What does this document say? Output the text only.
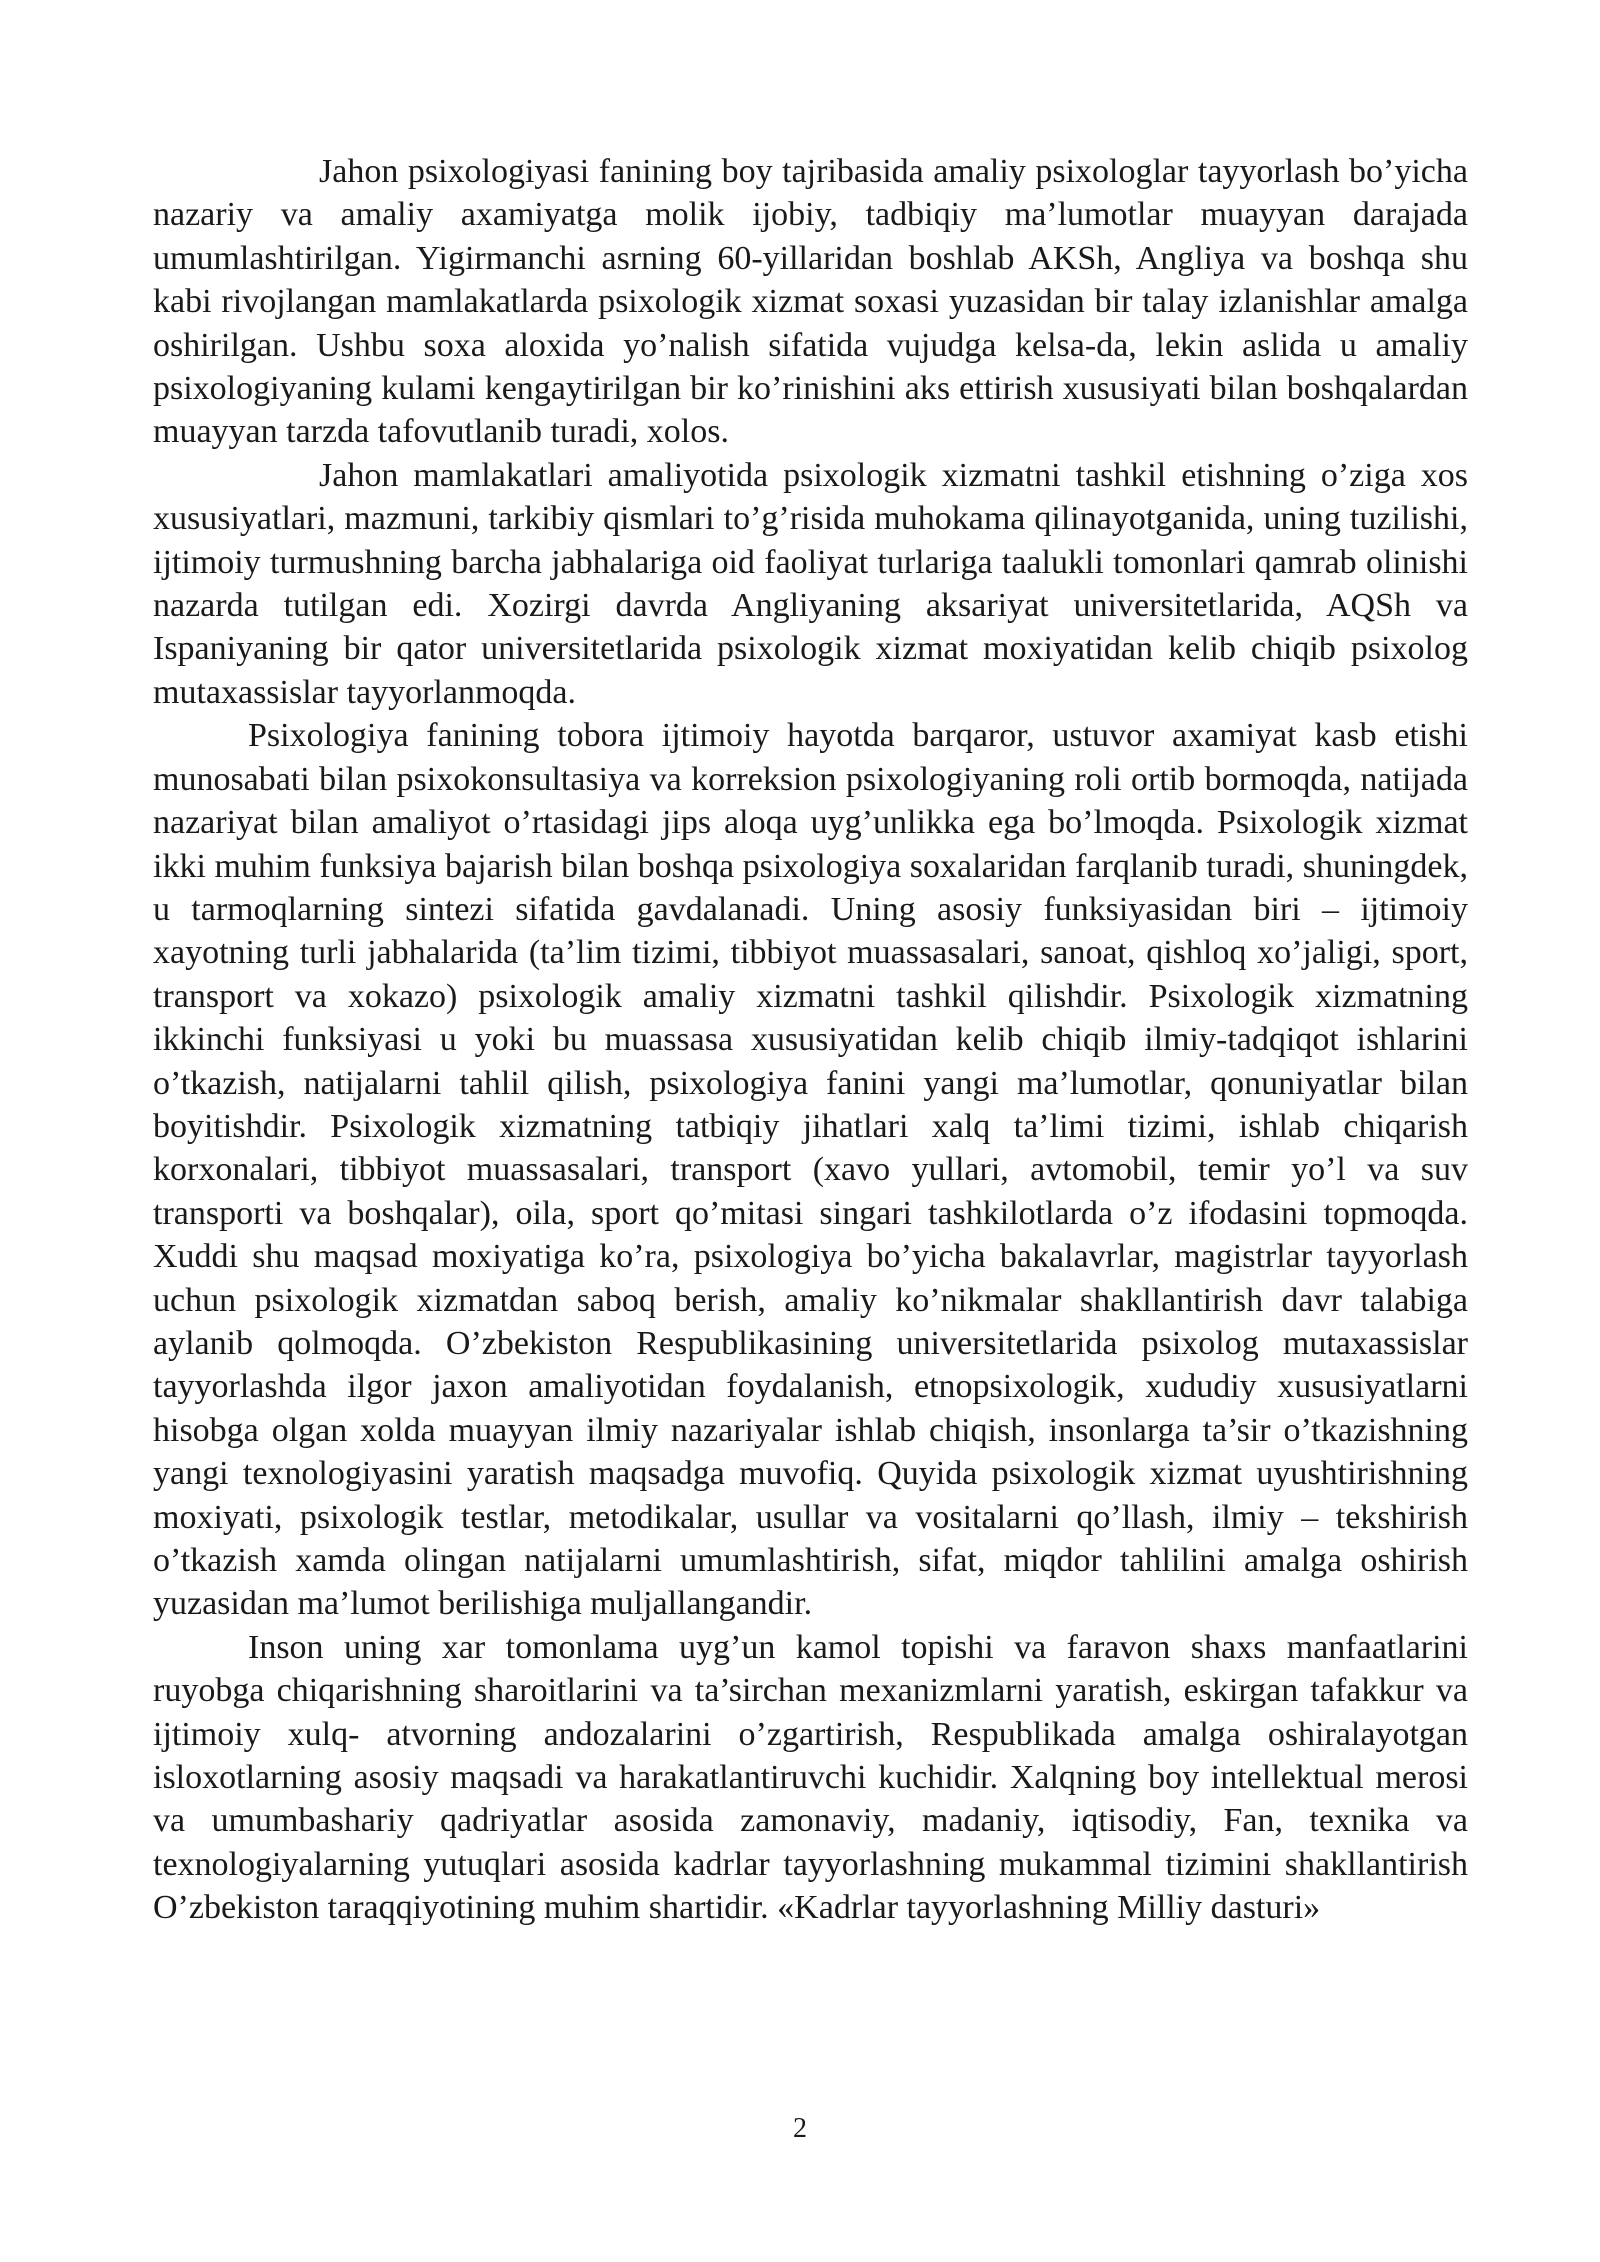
Jahon psixologiyasi fanining boy tajribasida amaliy psixologlar tayyorlash bo’yicha nazariy va amaliy axamiyatga molik ijobiy, tadbiqiy ma’lumotlar muayyan darajada umumlashtirilgan. Yigirmanchi asrning 60-yillaridan boshlab AKSh, Angliya va boshqa shu kabi rivojlangan mamlakatlarda psixologik xizmat soxasi yuzasidan bir talay izlanishlar amalga oshirilgan. Ushbu soxa aloxida yo’nalish sifatida vujudga kelsa-da, lekin aslida u amaliy psixologiyaning kulami kengaytirilgan bir ko’rinishini aks ettirish xususiyati bilan boshqalardan muayyan tarzda tafovutlanib turadi, xolos.

Jahon mamlakatlari amaliyotida psixologik xizmatni tashkil etishning o’ziga xos xususiyatlari, mazmuni, tarkibiy qismlari to’g’risida muhokama qilinayotganida, uning tuzilishi, ijtimoiy turmushning barcha jabhalariga oid faoliyat turlariga taalukli tomonlari qamrab olinishi nazarda tutilgan edi. Xozirgi davrda Angliyaning aksariyat universitetlarida, AQSh va Ispaniyaning bir qator universitetlarida psixologik xizmat moxiyatidan kelib chiqib psixolog mutaxassislar tayyorlanmoqda.

Psixologiya fanining tobora ijtimoiy hayotda barqaror, ustuvor axamiyat kasb etishi munosabati bilan psixokonsultasiya va korreksion psixologiyaning roli ortib bormoqda, natijada nazariyat bilan amaliyot o’rtasidagi jips aloqa uyg’unlikka ega bo’lmoqda. Psixologik xizmat ikki muhim funksiya bajarish bilan boshqa psixologiya soxalaridan farqlanib turadi, shuningdek, u tarmoqlarning sintezi sifatida gavdalanadi. Uning asosiy funksiyasidan biri – ijtimoiy xayotning turli jabhalarida (ta’lim tizimi, tibbiyot muassasalari, sanoat, qishloq xo’jaligi, sport, transport va xokazo) psixologik amaliy xizmatni tashkil qilishdir. Psixologik xizmatning ikkinchi funksiyasi u yoki bu muassasa xususiyatidan kelib chiqib ilmiy-tadqiqot ishlarini o’tkazish, natijalarni tahlil qilish, psixologiya fanini yangi ma’lumotlar, qonuniyatlar bilan boyitishdir. Psixologik xizmatning tatbiqiy jihatlari xalq ta’limi tizimi, ishlab chiqarish korxonalari, tibbiyot muassasalari, transport (xavo yullari, avtomobil, temir yo’l va suv transporti va boshqalar), oila, sport qo’mitasi singari tashkilotlarda o’z ifodasini topmoqda. Xuddi shu maqsad moxiyatiga ko’ra, psixologiya bo’yicha bakalavrlar, magistrlar tayyorlash uchun psixologik xizmatdan saboq berish, amaliy ko’nikmalar shakllantirish davr talabiga aylanib qolmoqda. O’zbekiston Respublikasining universitetlarida psixolog mutaxassislar tayyorlashda ilgor jaxon amaliyotidan foydalanish, etnopsixologik, xududiy xususiyatlarni hisobga olgan xolda muayyan ilmiy nazariyalar ishlab chiqish, insonlarga ta’sir o’tkazishning yangi texnologiyasini yaratish maqsadga muvofiq. Quyida psixologik xizmat uyushtirishning moxiyati, psixologik testlar, metodikalar, usullar va vositalarni qo’llash, ilmiy – tekshirish o’tkazish xamda olingan natijalarni umumlashtirish, sifat, miqdor tahlilini amalga oshirish yuzasidan ma’lumot berilishiga muljallangandir.

Inson uning xar tomonlama uyg’un kamol topishi va faravon shaxs manfaatlarini ruyobga chiqarishning sharoitlarini va ta’sirchan mexanizmlarni yaratish, eskirgan tafakkur va ijtimoiy xulq- atvorning andozalarini o’zgartirish, Respublikada amalga oshiralayotgan isloxotlarning asosiy maqsadi va harakatlantiruvchi kuchidir. Xalqning boy intellektual merosi va umumbashariy qadriyatlar asosida zamonaviy, madaniy, iqtisodiy, Fan, texnika va texnologiyalarning yutuqlari asosida kadrlar tayyorlashning mukammal tizimini shakllantirish O’zbekiston taraqqiyotining muhim shartidir. «Kadrlar tayyorlashning Milliy dasturi»

2
